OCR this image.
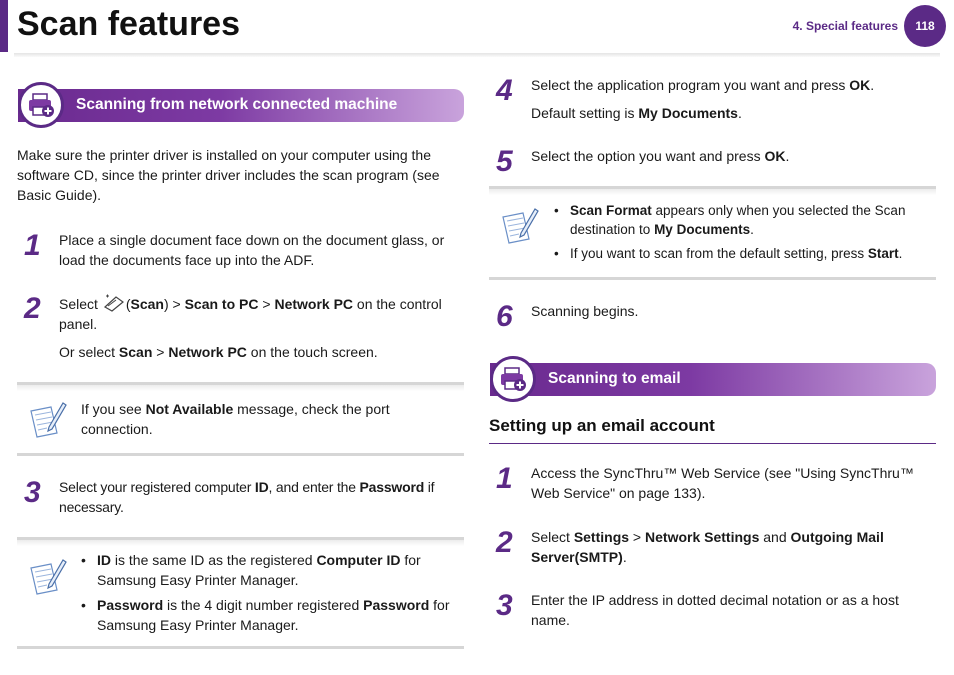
Scan features	4. Special features	118
Scanning from network connected machine

Make sure the printer driver is installed on your computer using the software CD, since the printer driver includes the scan program (see Basic Guide).

1 Place a single document face down on the document glass, or load the documents face up into the ADF.

2 Select (Scan) > Scan to PC > Network PC on the control panel.

Or select Scan > Network PC on the touch screen.

If you see Not Available message, check the port connection.

3 Select your registered computer ID, and enter the Password if necessary.

• ID is the same ID as the registered Computer ID for Samsung Easy Printer Manager.
• Password is the 4 digit number registered Password for Samsung Easy Printer Manager.
4 Select the application program you want and press OK.

Default setting is My Documents.

5 Select the option you want and press OK.

• Scan Format appears only when you selected the Scan destination to My Documents.
• If you want to scan from the default setting, press Start.
6 Scanning begins.

Scanning to email
Setting up an email account
1 Access the SyncThru™ Web Service (see "Using SyncThru™ Web Service" on page 133).

2 Select Settings > Network Settings and Outgoing Mail Server(SMTP).

3 Enter the IP address in dotted decimal notation or as a host name.
